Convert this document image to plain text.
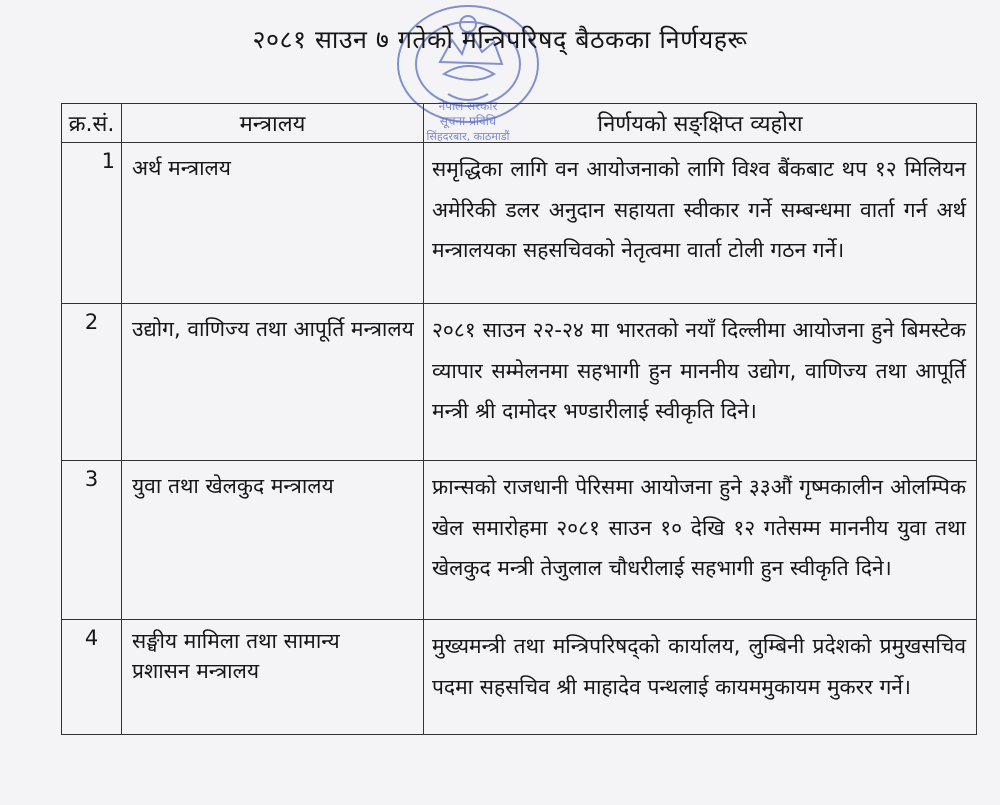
नेपाल सरकार
सूचना प्रविधि
सिंहदरबार, काठमाडौं
२०८१ साउन ७ गतेको मन्त्रिपरिषद् बैठकका निर्णयहरू
क्र.सं.	मन्त्रालय	निर्णयको सङ्क्षिप्त व्यहोरा
1	अर्थ मन्त्रालय	समृद्धिका लागि वन आयोजनाको लागि विश्व बैंकबाट थप १२ मिलियन अमेरिकी डलर अनुदान सहायता स्वीकार गर्ने सम्बन्धमा वार्ता गर्न अर्थ मन्त्रालयका सहसचिवको नेतृत्वमा वार्ता टोली गठन गर्ने।
2	उद्योग, वाणिज्य तथा आपूर्ति मन्त्रालय	२०८१ साउन २२-२४ मा भारतको नयाँ दिल्लीमा आयोजना हुने बिमस्टेक व्यापार सम्मेलनमा सहभागी हुन माननीय उद्योग, वाणिज्य तथा आपूर्ति मन्त्री श्री दामोदर भण्डारीलाई स्वीकृति दिने।
3	युवा तथा खेलकुद मन्त्रालय	फ्रान्सको राजधानी पेरिसमा आयोजना हुने ३३औं गृष्मकालीन ओलम्पिक खेल समारोहमा २०८१ साउन १० देखि १२ गतेसम्म माननीय युवा तथा खेलकुद मन्त्री तेजुलाल चौधरीलाई सहभागी हुन स्वीकृति दिने।
4	सङ्घीय मामिला तथा सामान्य
प्रशासन मन्त्रालय	मुख्यमन्त्री तथा मन्त्रिपरिषद्को कार्यालय, लुम्बिनी प्रदेशको प्रमुखसचिव पदमा सहसचिव श्री माहादेव पन्थलाई कायममुकायम मुकरर गर्ने।
